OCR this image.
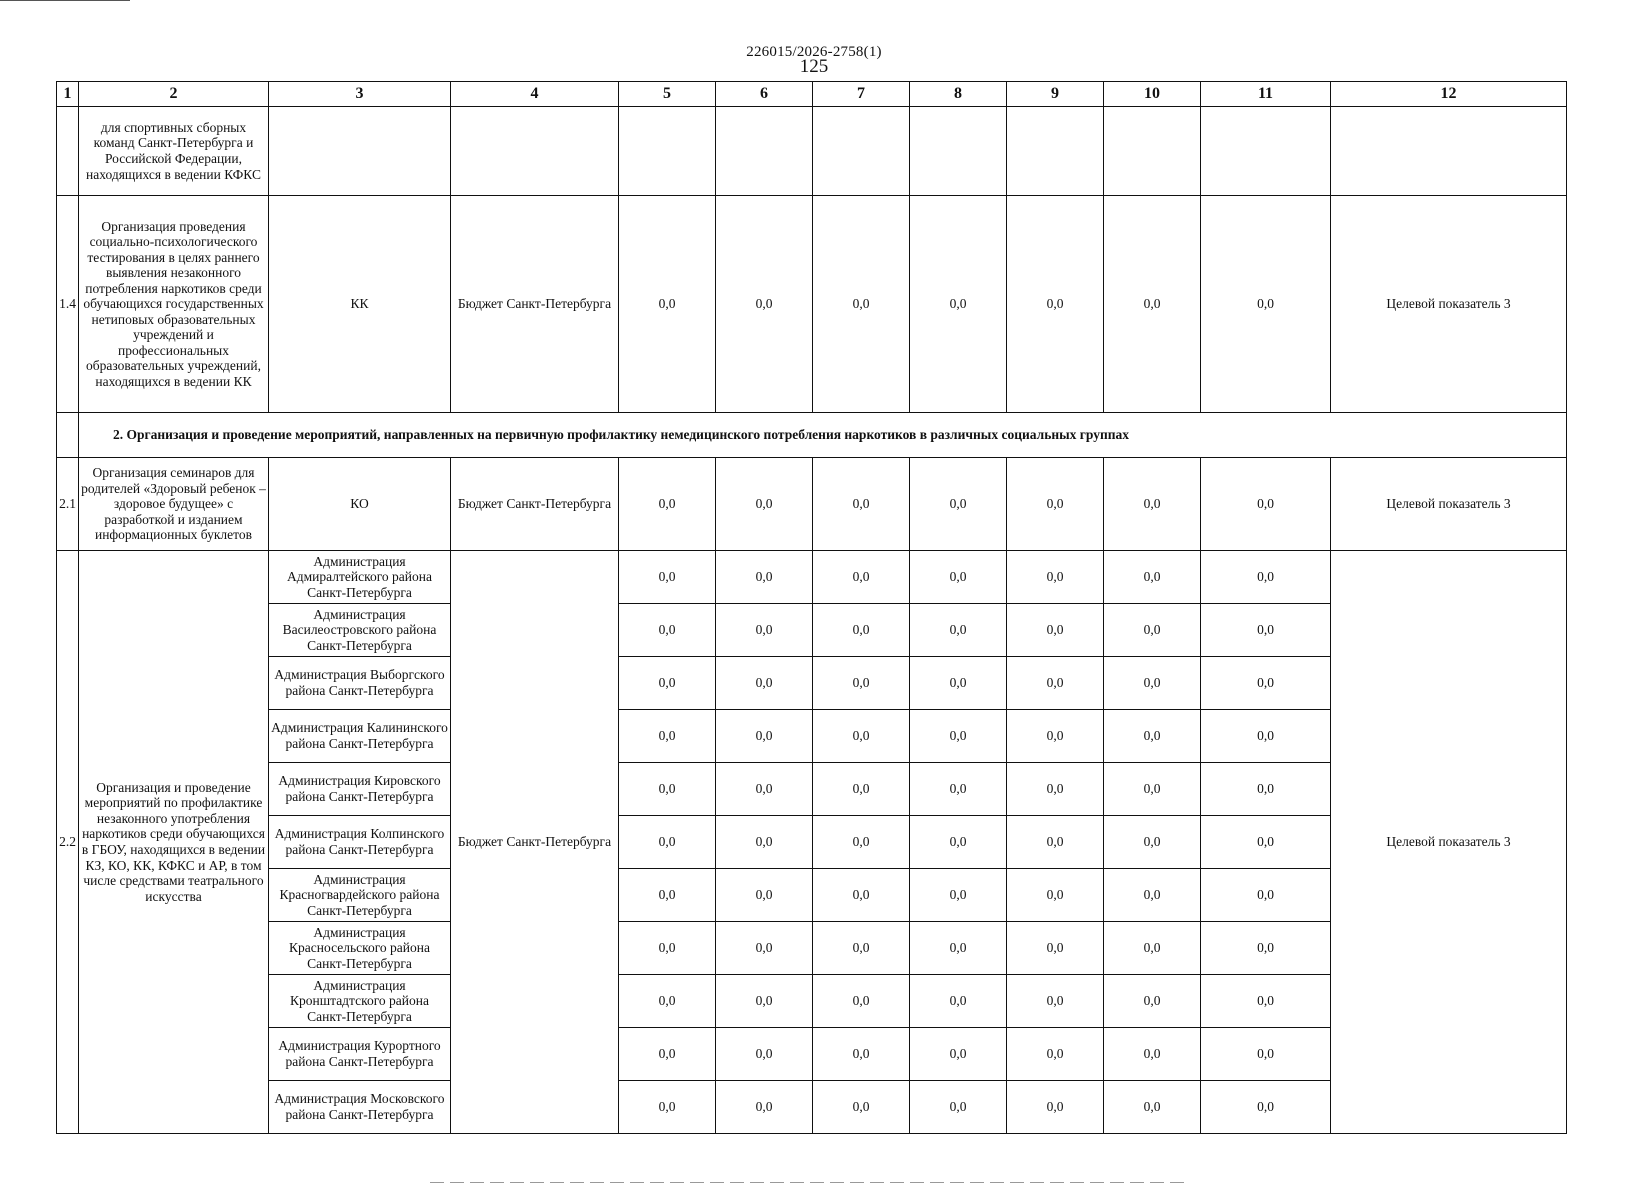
226015/2026-2758(1)
125
1	2	3	4	5	6	7	8	9	10	11	12
	для спортивных сборных команд Санкт-Петербурга и Российской Федерации, находящихся в ведении КФКС										
1.4	Организация проведения социально-психологического тестирования в целях раннего выявления незаконного потребления наркотиков среди обучающихся государственных нетиповых образовательных учреждений и профессиональных образовательных учреждений, находящихся в ведении КК	КК	Бюджет Санкт-Петербурга	0,0	0,0	0,0	0,0	0,0	0,0	0,0	Целевой показатель 3
	2. Организация и проведение мероприятий, направленных на первичную профилактику немедицинского потребления наркотиков в различных социальных группах										
2.1	Организация семинаров для родителей «Здоровый ребенок – здоровое будущее» с разработкой и изданием информационных буклетов	КО	Бюджет Санкт-Петербурга	0,0	0,0	0,0	0,0	0,0	0,0	0,0	Целевой показатель 3
2.2	Организация и проведение мероприятий по профилактике незаконного употребления наркотиков среди обучающихся в ГБОУ, находящихся в ведении КЗ, КО, КК, КФКС и АР, в том числе средствами театрального искусства	Администрация Адмиралтейского района Санкт-Петербурга	Бюджет Санкт-Петербурга	0,0	0,0	0,0	0,0	0,0	0,0	0,0	Целевой показатель 3
		Администрация Василеостровского района Санкт-Петербурга		0,0	0,0	0,0	0,0	0,0	0,0	0,0	
		Администрация Выборгского района Санкт-Петербурга		0,0	0,0	0,0	0,0	0,0	0,0	0,0	
		Администрация Калининского района Санкт-Петербурга		0,0	0,0	0,0	0,0	0,0	0,0	0,0	
		Администрация Кировского района Санкт-Петербурга		0,0	0,0	0,0	0,0	0,0	0,0	0,0	
		Администрация Колпинского района Санкт-Петербурга		0,0	0,0	0,0	0,0	0,0	0,0	0,0	
		Администрация Красногвардейского района Санкт-Петербурга		0,0	0,0	0,0	0,0	0,0	0,0	0,0	
		Администрация Красносельского района Санкт-Петербурга		0,0	0,0	0,0	0,0	0,0	0,0	0,0	
		Администрация Кронштадтского района Санкт-Петербурга		0,0	0,0	0,0	0,0	0,0	0,0	0,0	
		Администрация Курортного района Санкт-Петербурга		0,0	0,0	0,0	0,0	0,0	0,0	0,0	
		Администрация Московского района Санкт-Петербурга		0,0	0,0	0,0	0,0	0,0	0,0	0,0	
